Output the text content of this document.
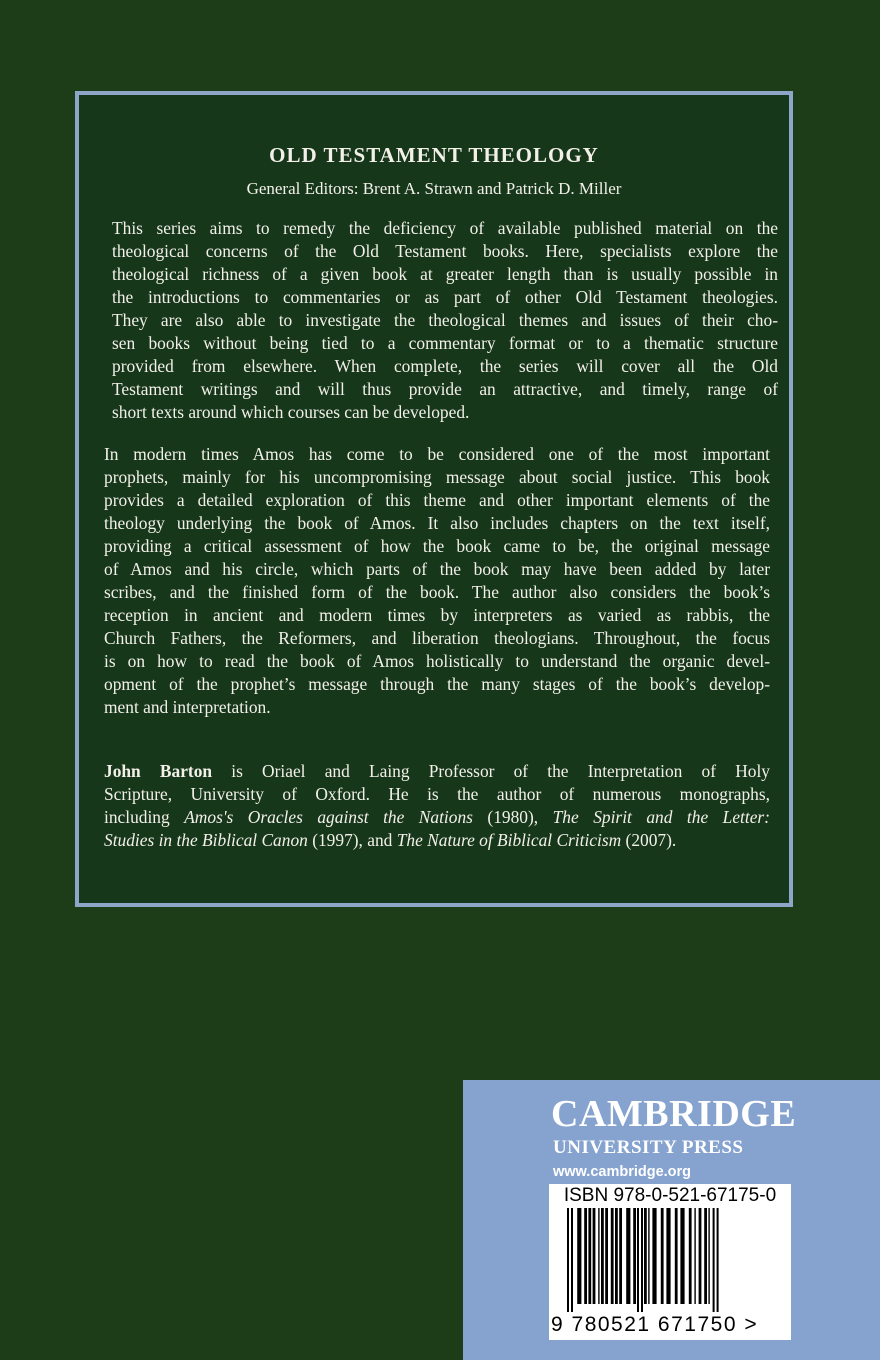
OLD TESTAMENT THEOLOGY
General Editors: Brent A. Strawn and Patrick D. Miller

This series aims to remedy the deficiency of available published material on the
theological concerns of the Old Testament books. Here, specialists explore the
theological richness of a given book at greater length than is usually possible in
the introductions to commentaries or as part of other Old Testament theologies.
They are also able to investigate the theological themes and issues of their cho-
sen books without being tied to a commentary format or to a thematic structure
provided from elsewhere. When complete, the series will cover all the Old
Testament writings and will thus provide an attractive, and timely, range of
short texts around which courses can be developed.

In modern times Amos has come to be considered one of the most important
prophets, mainly for his uncompromising message about social justice. This book
provides a detailed exploration of this theme and other important elements of the
theology underlying the book of Amos. It also includes chapters on the text itself,
providing a critical assessment of how the book came to be, the original message
of Amos and his circle, which parts of the book may have been added by later
scribes, and the finished form of the book. The author also considers the book’s
reception in ancient and modern times by interpreters as varied as rabbis, the
Church Fathers, the Reformers, and liberation theologians. Throughout, the focus
is on how to read the book of Amos holistically to understand the organic devel-
opment of the prophet’s message through the many stages of the book’s develop-
ment and interpretation.

John Barton is Oriael and Laing Professor of the Interpretation of Holy
Scripture, University of Oxford. He is the author of numerous monographs,
including Amos's Oracles against the Nations (1980), The Spirit and the Letter:
Studies in the Biblical Canon (1997), and The Nature of Biblical Criticism (2007).

CAMBRIDGE
UNIVERSITY PRESS
www.cambridge.org
ISBN 978-0-521-67175-0
9 780521 671750 >
